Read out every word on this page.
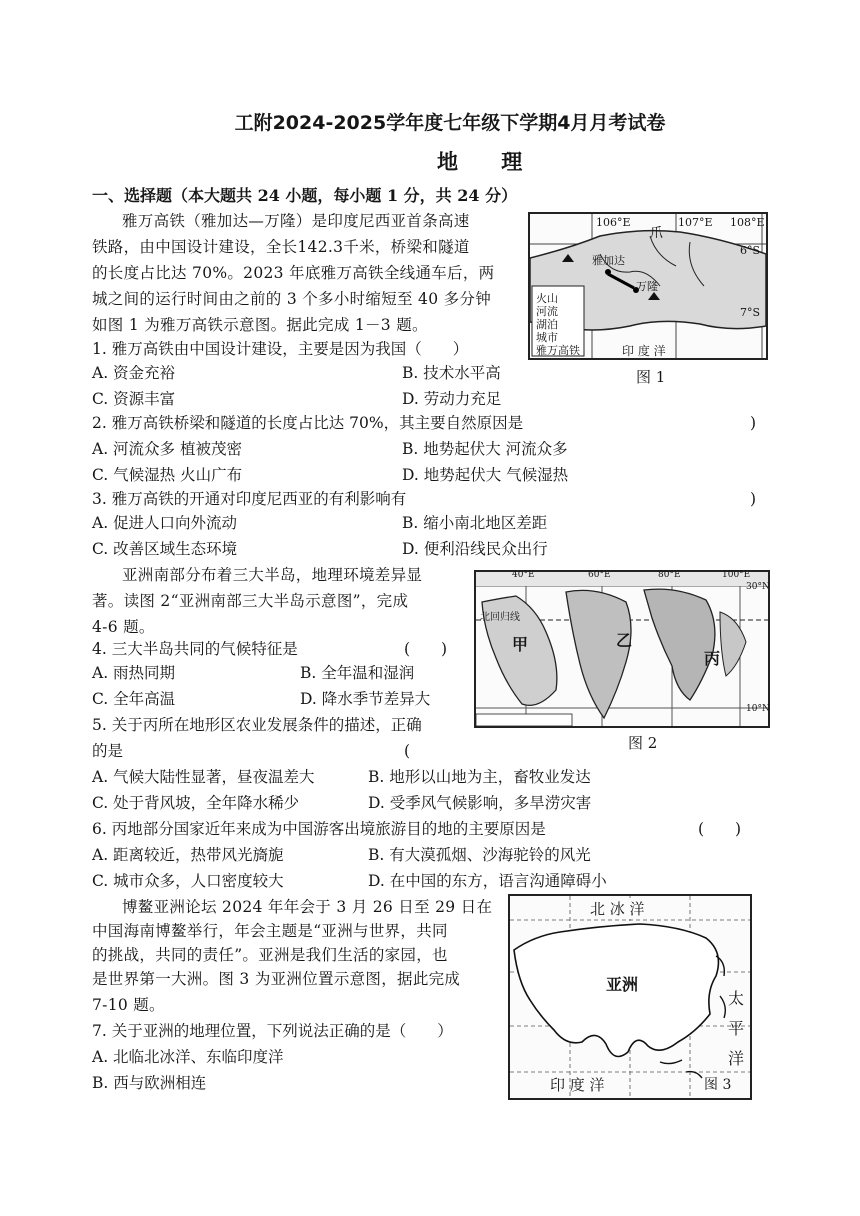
工附2024-2025学年度七年级下学期4月月考试卷
地 理
一、选择题（本大题共 24 小题，每小题 1 分，共 24 分）
雅万高铁（雅加达—万隆）是印度尼西亚首条高速
铁路，由中国设计建设，全长142.3千米，桥梁和隧道
的长度占比达 70%。2023 年底雅万高铁全线通车后，两
城之间的运行时间由之前的 3 个多小时缩短至 40 多分钟
如图 1 为雅万高铁示意图。据此完成 1－3 题。
1. 雅万高铁由中国设计建设，主要是因为我国（　　）
A. 资金充裕	B. 技术水平高
C. 资源丰富	D. 劳动力充足
106°E	107°E 108°E
6°S
7°S
爪
雅加达
万隆
印 度 洋
火山
河流
湖泊
城市
雅万高铁
图 1
2. 雅万高铁桥梁和隧道的长度占比达 70%，其主要自然原因是	)
A. 河流众多 植被茂密	B. 地势起伏大 河流众多
C. 气候湿热 火山广布	D. 地势起伏大 气候湿热
3. 雅万高铁的开通对印度尼西亚的有利影响有	)
A. 促进人口向外流动	B. 缩小南北地区差距
C. 改善区域生态环境	D. 便利沿线民众出行
亚洲南部分布着三大半岛，地理环境差异显
著。读图 2“亚洲南部三大半岛示意图”，完成
4-6 题。
40°E	60°E	80°E	100°E
30°N
10°N
北回归线
甲	乙
丙
图 2
4. 三大半岛共同的气候特征是	(　　)
A. 雨热同期	B. 全年温和湿润
C. 全年高温	D. 降水季节差异大
5. 关于丙所在地形区农业发展条件的描述，正确
的是	(
A. 气候大陆性显著，昼夜温差大	B. 地形以山地为主，畜牧业发达
C. 处于背风坡，全年降水稀少	D. 受季风气候影响，多旱涝灾害
6. 丙地部分国家近年来成为中国游客出境旅游目的地的主要原因是	(　　)
A. 距离较近，热带风光旖旎	B. 有大漠孤烟、沙海驼铃的风光
C. 城市众多，人口密度较大	D. 在中国的东方，语言沟通障碍小
博鳌亚洲论坛 2024 年年会于 3 月 26 日至 29 日在
中国海南博鳌举行，年会主题是“亚洲与世界，共同
的挑战，共同的责任”。亚洲是我们生活的家园，也
是世界第一大洲。图 3 为亚洲位置示意图，据此完成
7-10 题。
北 冰 洋
亚洲
太
平
洋
印 度 洋	图 3
7. 关于亚洲的地理位置，下列说法正确的是（　　）
A. 北临北冰洋、东临印度洋
B. 西与欧洲相连
